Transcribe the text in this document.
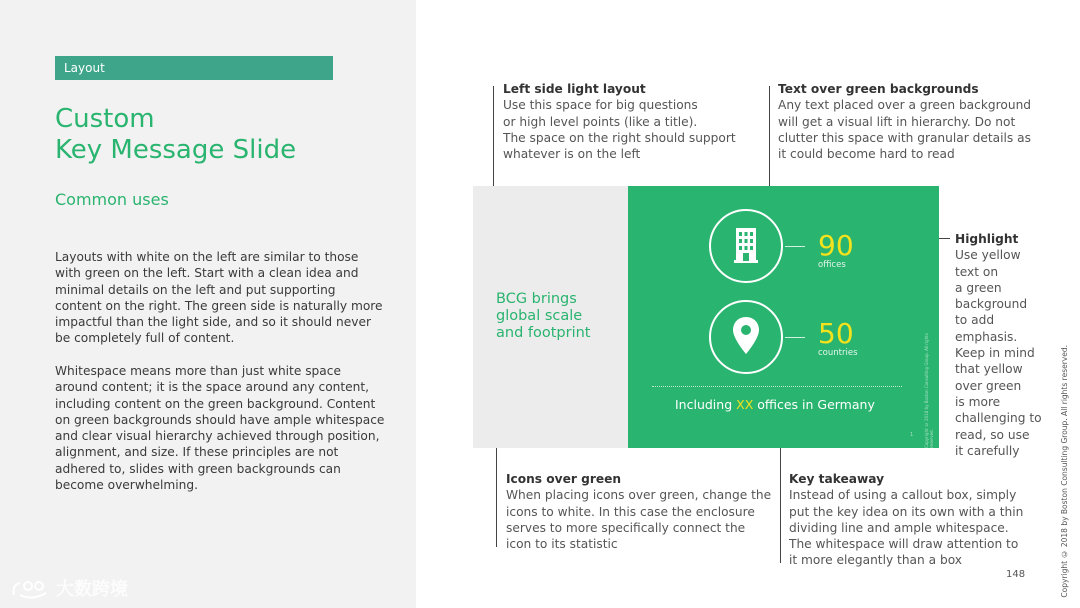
Layout
Custom
Key Message Slide
Common uses
Layouts with white on the left are similar to those with green on the left. Start with a clean idea and minimal details on the left and put supporting content on the right. The green side is naturally more impactful than the light side, and so it should never be completely full of content.
Whitespace means more than just white space around content; it is the space around any content, including content on the green background. Content on green backgrounds should have ample whitespace and clear visual hierarchy achieved through position, alignment, and size. If these principles are not adhered to, slides with green backgrounds can become overwhelming.
Left side light layout
Use this space for big questions
or high level points (like a title).
The space on the right should support
whatever is on the left
Text over green backgrounds
Any text placed over a green background
will get a visual lift in hierarchy. Do not
clutter this space with granular details as
it could become hard to read
Highlight
Use yellow
text on
a green
background
to add
emphasis.
Keep in mind
that yellow
over green
is more
challenging to
read, so use
it carefully
Icons over green
When placing icons over green, change the
icons to white. In this case the enclosure
serves to more specifically connect the
icon to its statistic
Key takeaway
Instead of using a callout box, simply
put the key idea on its own with a thin
dividing line and ample whitespace.
The whitespace will draw attention to
it more elegantly than a box
BCG brings
global scale
and footprint
90
offices
50
countries
Including XX offices in Germany	Copyright © 2018 by Boston Consulting Group. All rights reserved.
1
148	Copyright © 2018 by Boston Consulting Group. All rights reserved.
大数跨境
